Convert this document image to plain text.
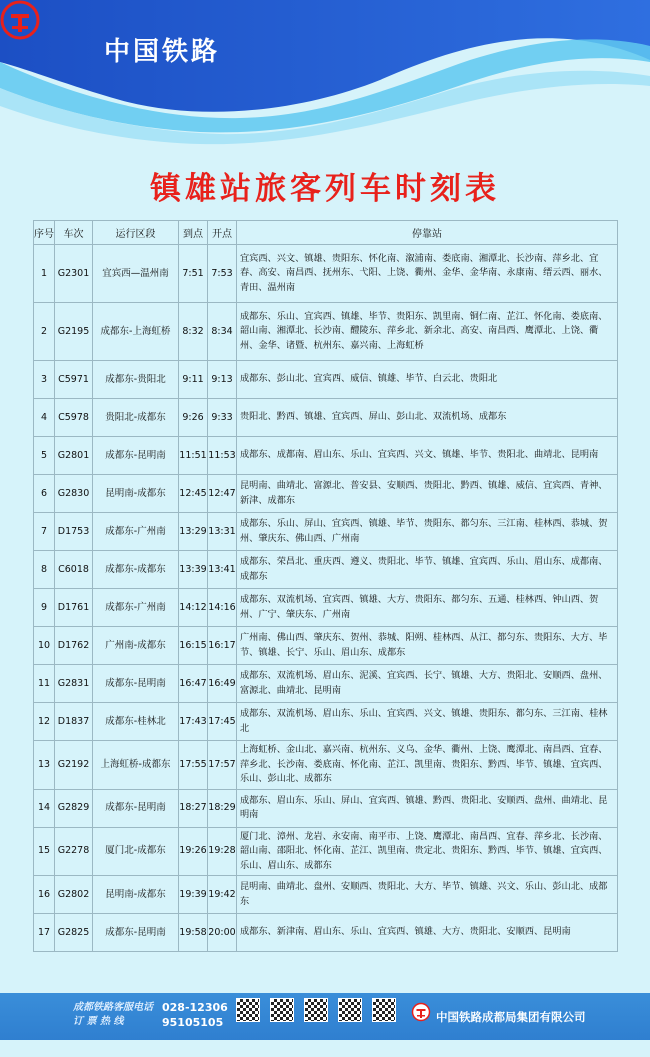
中国铁路
镇雄站旅客列车时刻表
序号	车次	运行区段	到点	开点	停靠站
1	G2301	宜宾西—温州南	7:51	7:53	宜宾西、兴文、镇雄、贵阳东、怀化南、溆浦南、娄底南、湘潭北、长沙南、萍乡北、宜春、高安、南昌西、抚州东、弋阳、上饶、衢州、金华、金华南、永康南、缙云西、丽水、青田、温州南
2	G2195	成都东-上海虹桥	8:32	8:34	成都东、乐山、宜宾西、镇雄、毕节、贵阳东、凯里南、铜仁南、芷江、怀化南、娄底南、韶山南、湘潭北、长沙南、醴陵东、萍乡北、新余北、高安、南昌西、鹰潭北、上饶、衢州、金华、诸暨、杭州东、嘉兴南、上海虹桥
3	C5971	成都东-贵阳北	9:11	9:13	成都东、彭山北、宜宾西、威信、镇雄、毕节、白云北、贵阳北
4	C5978	贵阳北-成都东	9:26	9:33	贵阳北、黔西、镇雄、宜宾西、屏山、彭山北、双流机场、成都东
5	G2801	成都东-昆明南	11:51	11:53	成都东、成都南、眉山东、乐山、宜宾西、兴文、镇雄、毕节、贵阳北、曲靖北、昆明南
6	G2830	昆明南-成都东	12:45	12:47	昆明南、曲靖北、富源北、普安县、安顺西、贵阳北、黔西、镇雄、威信、宜宾西、青神、新津、成都东
7	D1753	成都东-广州南	13:29	13:31	成都东、乐山、屏山、宜宾西、镇雄、毕节、贵阳东、都匀东、三江南、桂林西、恭城、贺州、肇庆东、佛山西、广州南
8	C6018	成都东-成都东	13:39	13:41	成都东、荣昌北、重庆西、遵义、贵阳北、毕节、镇雄、宜宾西、乐山、眉山东、成都南、成都东
9	D1761	成都东-广州南	14:12	14:16	成都东、双流机场、宜宾西、镇雄、大方、贵阳东、都匀东、五通、桂林西、钟山西、贺州、广宁、肇庆东、广州南
10	D1762	广州南-成都东	16:15	16:17	广州南、佛山西、肇庆东、贺州、恭城、阳朔、桂林西、从江、都匀东、贵阳东、大方、毕节、镇雄、长宁、乐山、眉山东、成都东
11	G2831	成都东-昆明南	16:47	16:49	成都东、双流机场、眉山东、泥溪、宜宾西、长宁、镇雄、大方、贵阳北、安顺西、盘州、富源北、曲靖北、昆明南
12	D1837	成都东-桂林北	17:43	17:45	成都东、双流机场、眉山东、乐山、宜宾西、兴文、镇雄、贵阳东、都匀东、三江南、桂林北
13	G2192	上海虹桥-成都东	17:55	17:57	上海虹桥、金山北、嘉兴南、杭州东、义乌、金华、衢州、上饶、鹰潭北、南昌西、宜春、萍乡北、长沙南、娄底南、怀化南、芷江、凯里南、贵阳东、黔西、毕节、镇雄、宜宾西、乐山、彭山北、成都东
14	G2829	成都东-昆明南	18:27	18:29	成都东、眉山东、乐山、屏山、宜宾西、镇雄、黔西、贵阳北、安顺西、盘州、曲靖北、昆明南
15	G2278	厦门北-成都东	19:26	19:28	厦门北、漳州、龙岩、永安南、南平市、上饶、鹰潭北、南昌西、宜春、萍乡北、长沙南、韶山南、邵阳北、怀化南、芷江、凯里南、贵定北、贵阳东、黔西、毕节、镇雄、宜宾西、乐山、眉山东、成都东
16	G2802	昆明南-成都东	19:39	19:42	昆明南、曲靖北、盘州、安顺西、贵阳北、大方、毕节、镇雄、兴文、乐山、彭山北、成都东
17	G2825	成都东-昆明南	19:58	20:00	成都东、新津南、眉山东、乐山、宜宾西、镇雄、大方、贵阳北、安顺西、昆明南
成都铁路客服电话
订 票 热 线
028-12306
95105105	中国铁路成都局集团有限公司
